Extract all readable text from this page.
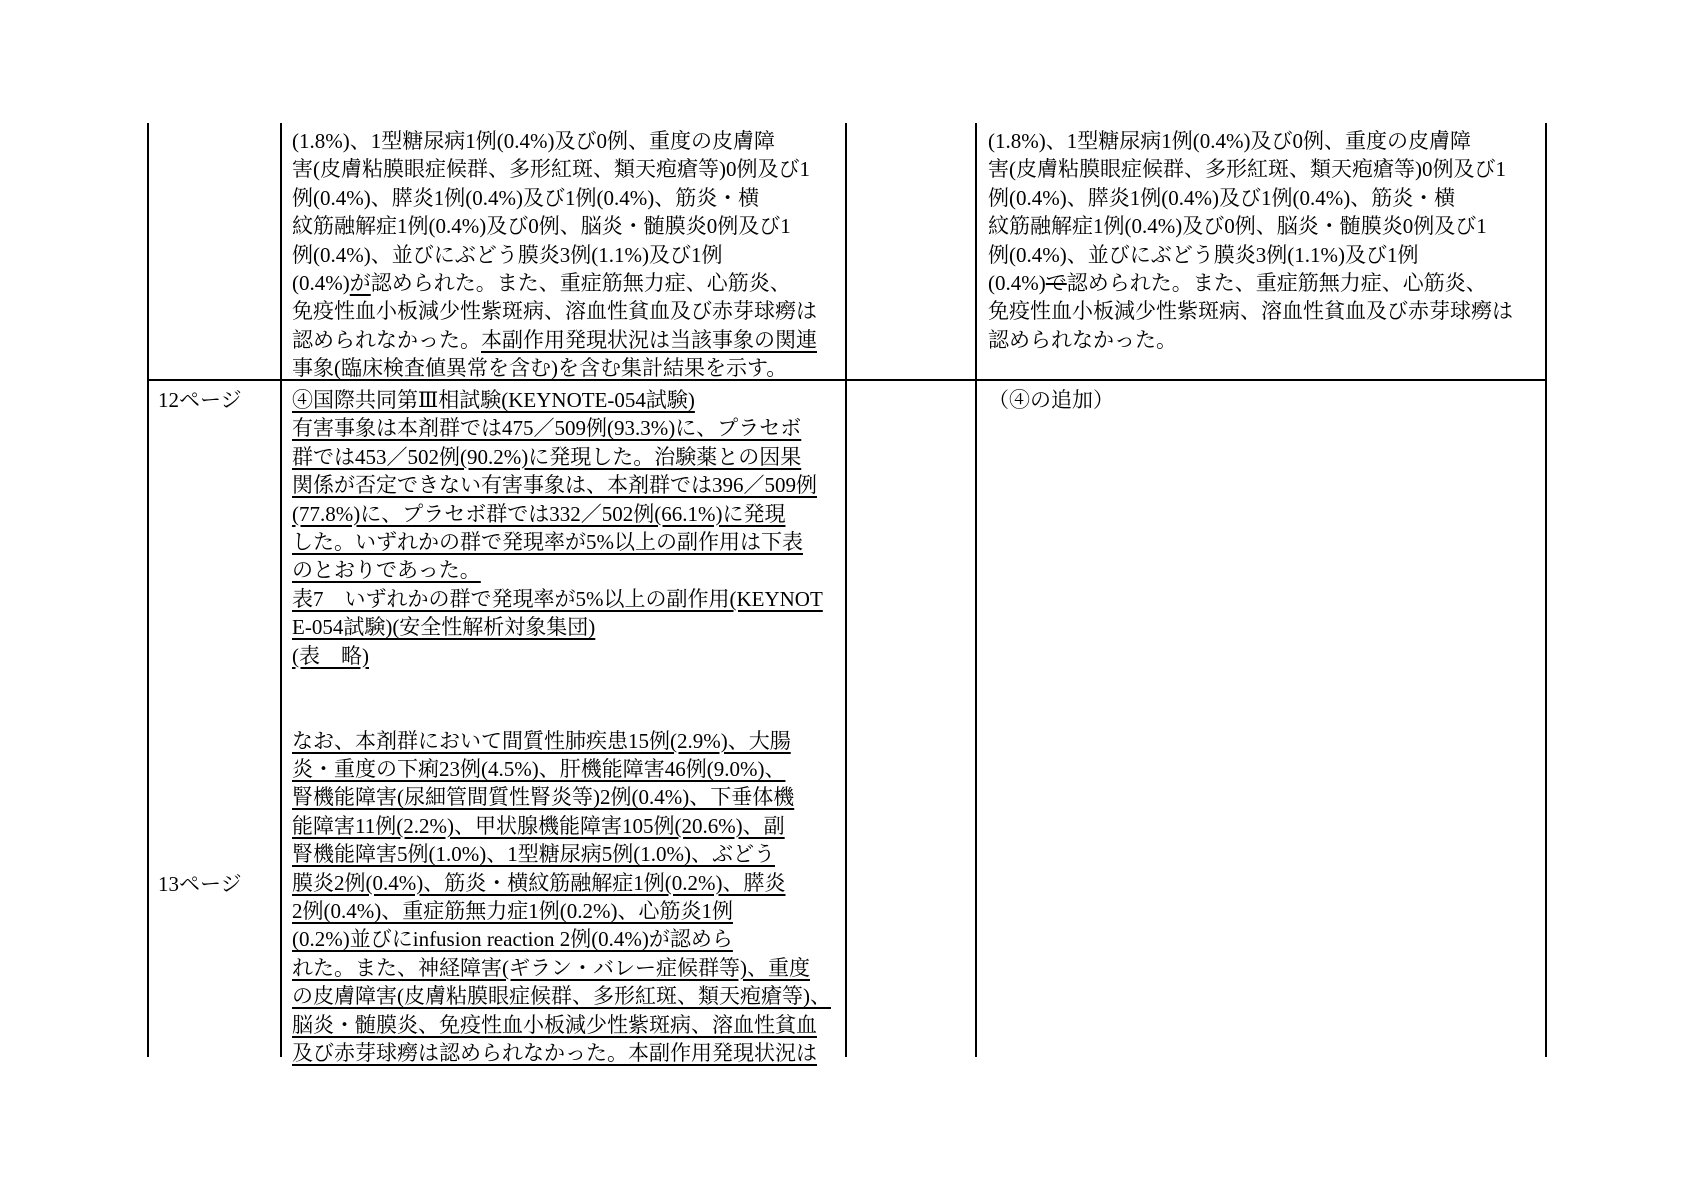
(1.8%)、1型糖尿病1例(0.4%)及び0例、重度の皮膚障
害(皮膚粘膜眼症候群、多形紅斑、類天疱瘡等)0例及び1
例(0.4%)、膵炎1例(0.4%)及び1例(0.4%)、筋炎・横
紋筋融解症1例(0.4%)及び0例、脳炎・髄膜炎0例及び1
例(0.4%)、並びにぶどう膜炎3例(1.1%)及び1例
(0.4%)が認められた。また、重症筋無力症、心筋炎、
免疫性血小板減少性紫斑病、溶血性貧血及び赤芽球癆は
認められなかった。本副作用発現状況は当該事象の関連
事象(臨床検査値異常を含む)を含む集計結果を示す。　
(1.8%)、1型糖尿病1例(0.4%)及び0例、重度の皮膚障
害(皮膚粘膜眼症候群、多形紅斑、類天疱瘡等)0例及び1
例(0.4%)、膵炎1例(0.4%)及び1例(0.4%)、筋炎・横
紋筋融解症1例(0.4%)及び0例、脳炎・髄膜炎0例及び1
例(0.4%)、並びにぶどう膜炎3例(1.1%)及び1例
(0.4%)で認められた。また、重症筋無力症、心筋炎、
免疫性血小板減少性紫斑病、溶血性貧血及び赤芽球癆は
認められなかった。
12ページ
13ページ
④国際共同第Ⅲ相試験(KEYNOTE-054試験)
有害事象は本剤群では475／509例(93.3%)に、プラセボ
群では453／502例(90.2%)に発現した。治験薬との因果
関係が否定できない有害事象は、本剤群では396／509例
(77.8%)に、プラセボ群では332／502例(66.1%)に発現
した。いずれかの群で発現率が5%以上の副作用は下表
のとおりであった。
表7　いずれかの群で発現率が5%以上の副作用(KEYNOT
E-054試験)(安全性解析対象集団)
(表　略)

なお、本剤群において間質性肺疾患15例(2.9%)、大腸
炎・重度の下痢23例(4.5%)、肝機能障害46例(9.0%)、
腎機能障害(尿細管間質性腎炎等)2例(0.4%)、下垂体機
能障害11例(2.2%)、甲状腺機能障害105例(20.6%)、副
腎機能障害5例(1.0%)、1型糖尿病5例(1.0%)、ぶどう
膜炎2例(0.4%)、筋炎・横紋筋融解症1例(0.2%)、膵炎
2例(0.4%)、重症筋無力症1例(0.2%)、心筋炎1例
(0.2%)並びにinfusion reaction 2例(0.4%)が認めら
れた。また、神経障害(ギラン・バレー症候群等)、重度
の皮膚障害(皮膚粘膜眼症候群、多形紅斑、類天疱瘡等)、
脳炎・髄膜炎、免疫性血小板減少性紫斑病、溶血性貧血
及び赤芽球癆は認められなかった。本副作用発現状況は
（④の追加）
